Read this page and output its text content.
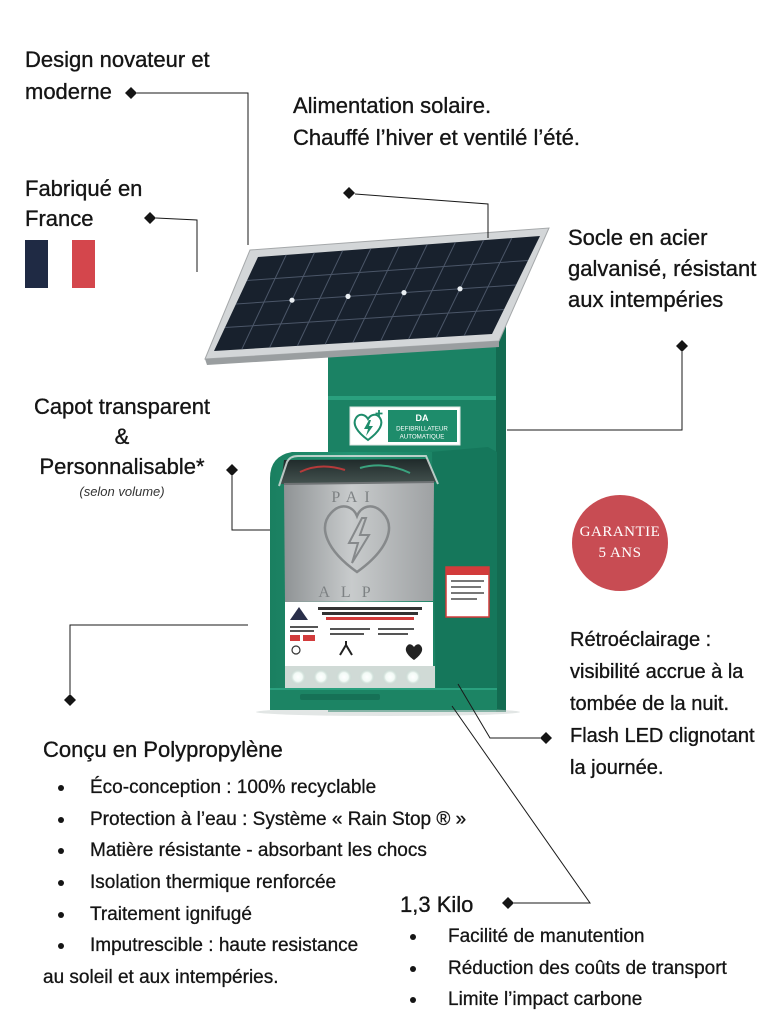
DA
DEFIBRILLATEUR
AUTOMATIQUE
PAI
ALP
GARANTIE
5 ANS
Design novateur et
moderne
Alimentation solaire.
Chauffé l’hiver et ventilé l’été.
Fabriqué en
France
Socle en acier
galvanisé, résistant
aux intempéries
Capot transparent
&
Personnalisable*
(selon volume)
Rétroéclairage :
visibilité accrue à la
tombée de la nuit.
Flash LED clignotant
la journée.
Conçu en Polypropylène
Éco-conception : 100% recyclable
Protection à l’eau : Système « Rain Stop ® »
Matière résistante - absorbant les chocs
Isolation thermique renforcée
Traitement ignifugé
Imputrescible : haute resistance
au soleil et aux intempéries.
1,3 Kilo
Facilité de manutention
Réduction des coûts de transport
Limite l’impact carbone
